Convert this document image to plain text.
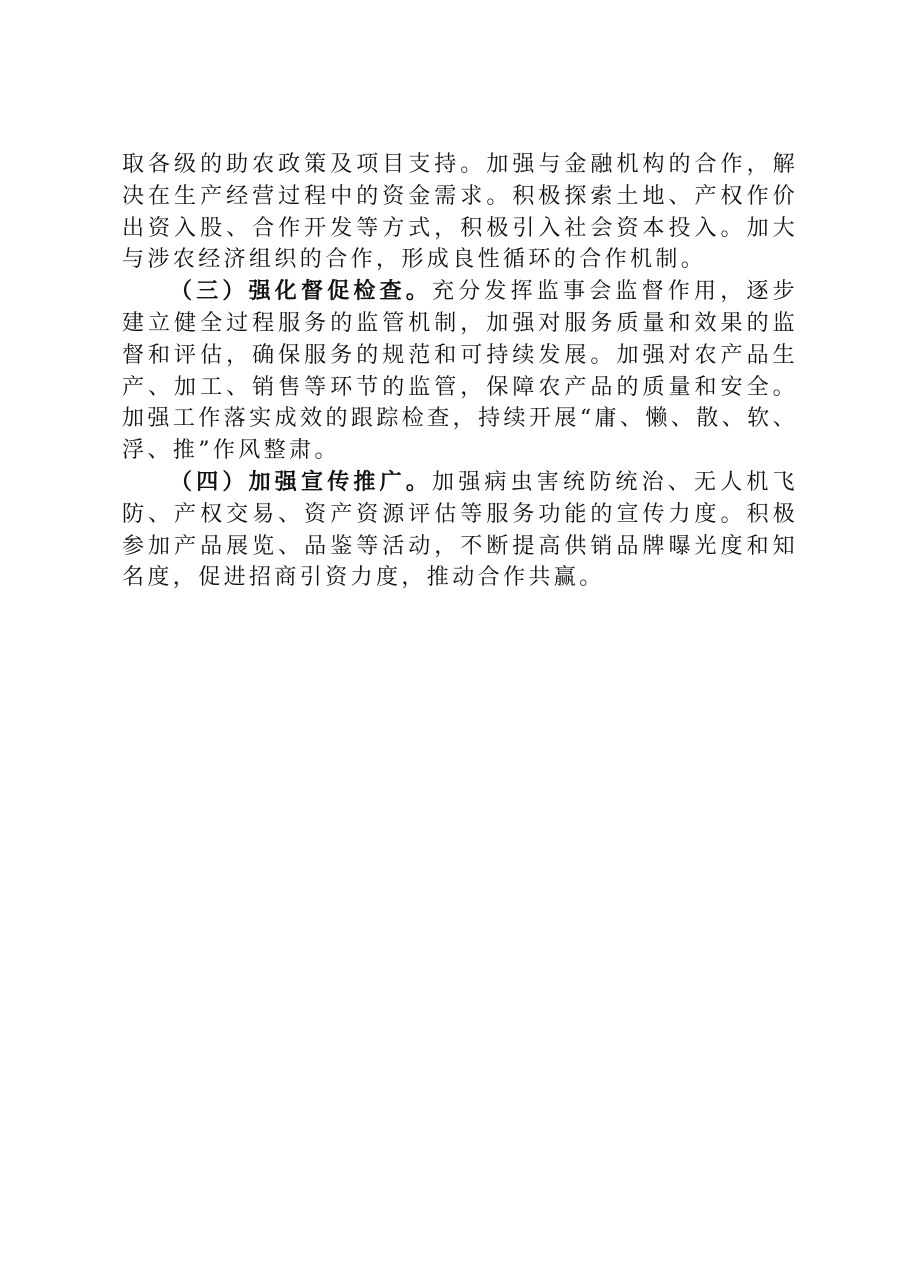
取各级的助农政策及项目支持。加强与金融机构的合作，解决在生产经营过程中的资金需求。积极探索土地、产权作价出资入股、合作开发等方式，积极引入社会资本投入。加大与涉农经济组织的合作，形成良性循环的合作机制。

（三）强化督促检查。充分发挥监事会监督作用，逐步建立健全过程服务的监管机制，加强对服务质量和效果的监督和评估，确保服务的规范和可持续发展。加强对农产品生产、加工、销售等环节的监管，保障农产品的质量和安全。加强工作落实成效的跟踪检查，持续开展“庸、懒、散、软、浮、推”作风整肃。

（四）加强宣传推广。加强病虫害统防统治、无人机飞防、产权交易、资产资源评估等服务功能的宣传力度。积极参加产品展览、品鉴等活动，不断提高供销品牌曝光度和知名度，促进招商引资力度，推动合作共赢。
